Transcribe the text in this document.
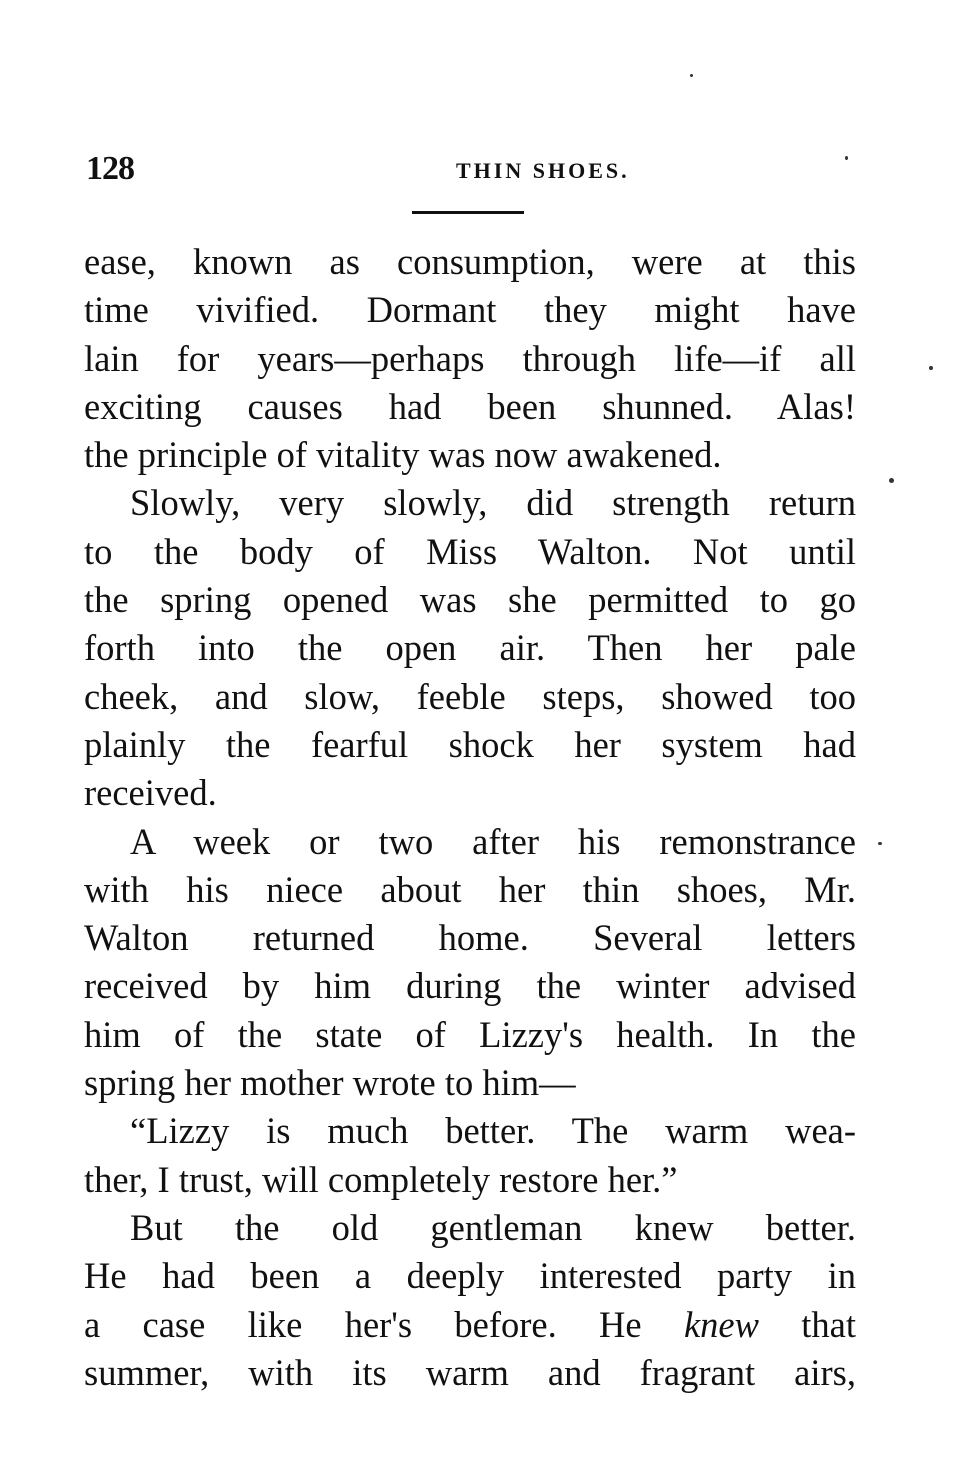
128	THIN SHOES.
ease, known as consumption, were at this
time vivified. Dormant they might have
lain for years—perhaps through life—if all
exciting causes had been shunned. Alas!
the principle of vitality was now awakened.
Slowly, very slowly, did strength return
to the body of Miss Walton. Not until
the spring opened was she permitted to go
forth into the open air. Then her pale
cheek, and slow, feeble steps, showed too
plainly the fearful shock her system had
received.
A week or two after his remonstrance
with his niece about her thin shoes, Mr.
Walton returned home. Several letters
received by him during the winter advised
him of the state of Lizzy's health. In the
spring her mother wrote to him—
“Lizzy is much better. The warm wea-
ther, I trust, will completely restore her.”
But the old gentleman knew better.
He had been a deeply interested party in
a case like her's before. He knew that
summer, with its warm and fragrant airs,
